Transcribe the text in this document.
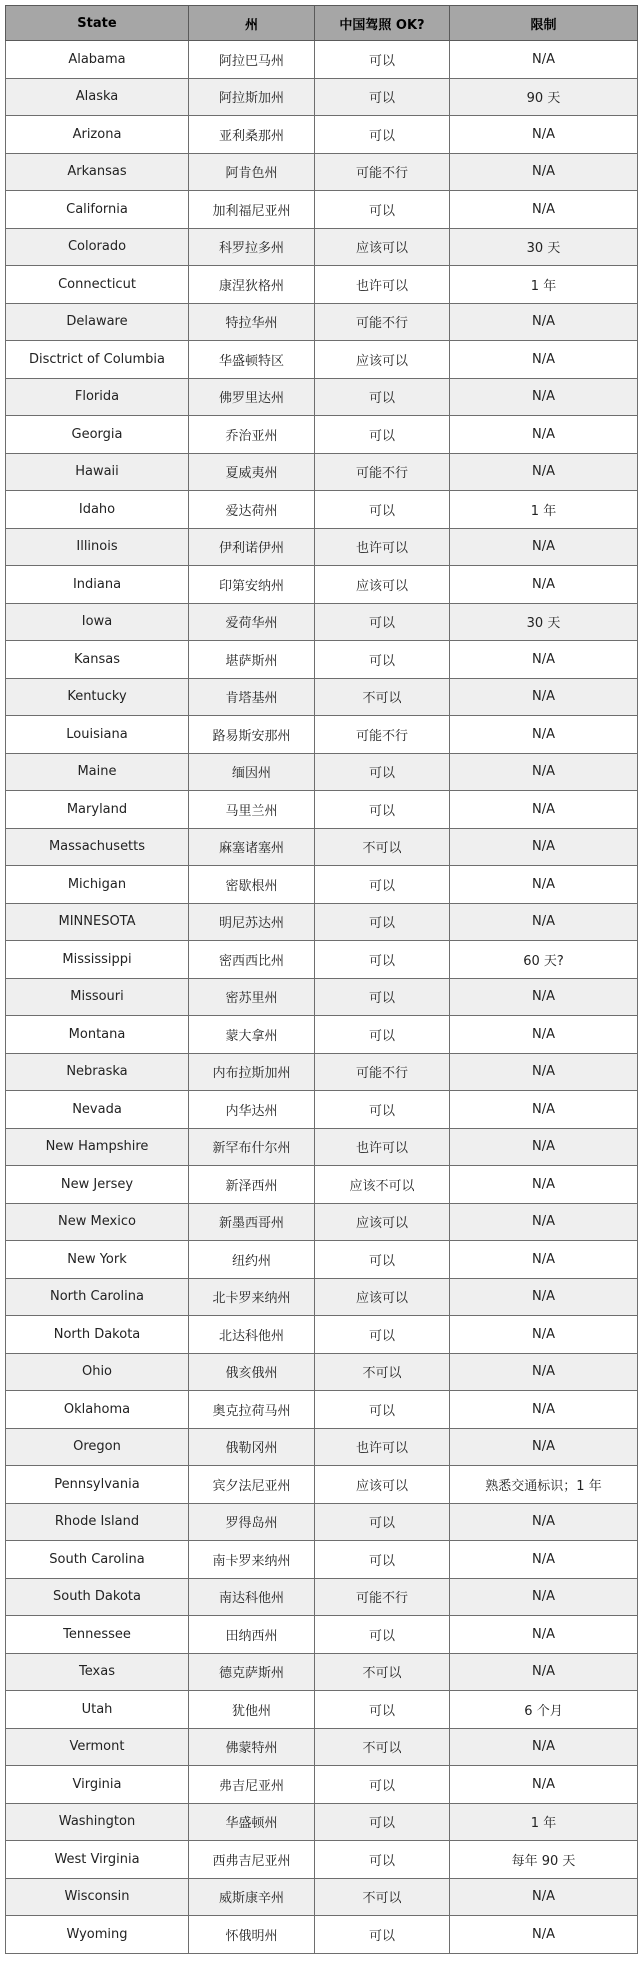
State	州	中国驾照 OK?	限制
Alabama	阿拉巴马州	可以	N/A
Alaska	阿拉斯加州	可以	90 天
Arizona	亚利桑那州	可以	N/A
Arkansas	阿肯色州	可能不行	N/A
California	加利福尼亚州	可以	N/A
Colorado	科罗拉多州	应该可以	30 天
Connecticut	康涅狄格州	也许可以	1 年
Delaware	特拉华州	可能不行	N/A
Disctrict of Columbia	华盛顿特区	应该可以	N/A
Florida	佛罗里达州	可以	N/A
Georgia	乔治亚州	可以	N/A
Hawaii	夏威夷州	可能不行	N/A
Idaho	爱达荷州	可以	1 年
Illinois	伊利诺伊州	也许可以	N/A
Indiana	印第安纳州	应该可以	N/A
Iowa	爱荷华州	可以	30 天
Kansas	堪萨斯州	可以	N/A
Kentucky	肯塔基州	不可以	N/A
Louisiana	路易斯安那州	可能不行	N/A
Maine	缅因州	可以	N/A
Maryland	马里兰州	可以	N/A
Massachusetts	麻塞诸塞州	不可以	N/A
Michigan	密歇根州	可以	N/A
MINNESOTA	明尼苏达州	可以	N/A
Mississippi	密西西比州	可以	60 天?
Missouri	密苏里州	可以	N/A
Montana	蒙大拿州	可以	N/A
Nebraska	内布拉斯加州	可能不行	N/A
Nevada	内华达州	可以	N/A
New Hampshire	新罕布什尔州	也许可以	N/A
New Jersey	新泽西州	应该不可以	N/A
New Mexico	新墨西哥州	应该可以	N/A
New York	纽约州	可以	N/A
North Carolina	北卡罗来纳州	应该可以	N/A
North Dakota	北达科他州	可以	N/A
Ohio	俄亥俄州	不可以	N/A
Oklahoma	奥克拉荷马州	可以	N/A
Oregon	俄勒冈州	也许可以	N/A
Pennsylvania	宾夕法尼亚州	应该可以	熟悉交通标识；1 年
Rhode Island	罗得岛州	可以	N/A
South Carolina	南卡罗来纳州	可以	N/A
South Dakota	南达科他州	可能不行	N/A
Tennessee	田纳西州	可以	N/A
Texas	德克萨斯州	不可以	N/A
Utah	犹他州	可以	6 个月
Vermont	佛蒙特州	不可以	N/A
Virginia	弗吉尼亚州	可以	N/A
Washington	华盛顿州	可以	1 年
West Virginia	西弗吉尼亚州	可以	每年 90 天
Wisconsin	威斯康辛州	不可以	N/A
Wyoming	怀俄明州	可以	N/A
